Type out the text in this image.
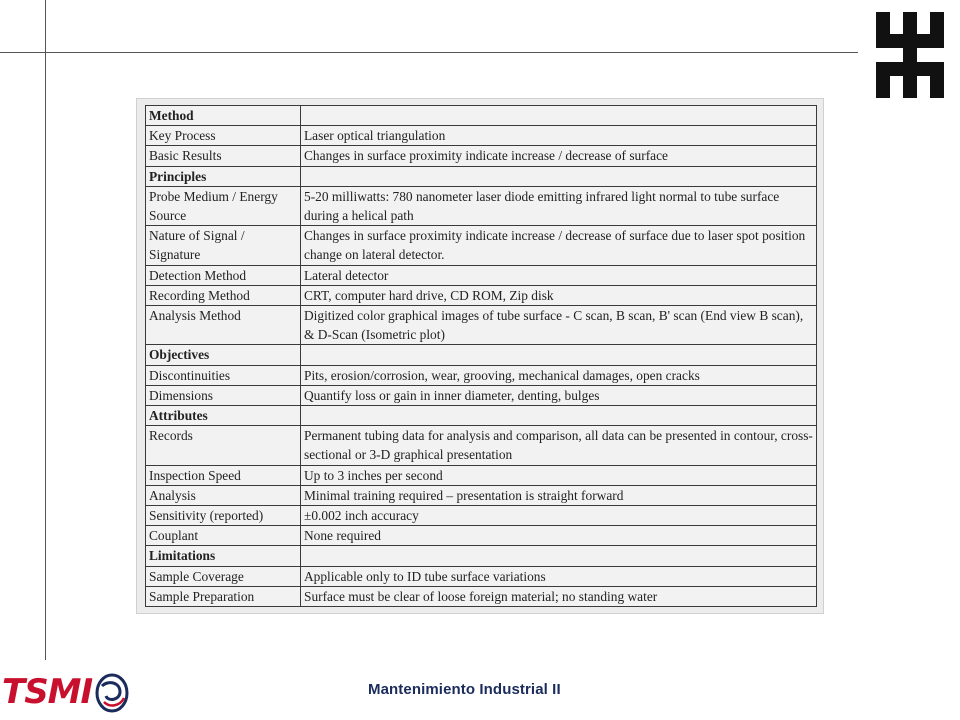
Method	
Key Process	Laser optical triangulation
Basic Results	Changes in surface proximity indicate increase / decrease of surface
Principles	
Probe Medium / Energy Source	5-20 milliwatts: 780 nanometer laser diode emitting infrared light normal to tube surface during a helical path
Nature of Signal / Signature	Changes in surface proximity indicate increase / decrease of surface due to laser spot position change on lateral detector.
Detection Method	Lateral detector
Recording Method	CRT, computer hard drive, CD ROM, Zip disk
Analysis Method	Digitized color graphical images of tube surface - C scan, B scan, B' scan (End view B scan), & D-Scan (Isometric plot)
Objectives	
Discontinuities	Pits, erosion/corrosion, wear, grooving, mechanical damages, open cracks
Dimensions	Quantify loss or gain in inner diameter, denting, bulges
Attributes	
Records	Permanent tubing data for analysis and comparison, all data can be presented in contour, cross-sectional or 3-D graphical presentation
Inspection Speed	Up to 3 inches per second
Analysis	Minimal training required – presentation is straight forward
Sensitivity (reported)	±0.002 inch accuracy
Couplant	None required
Limitations	
Sample Coverage	Applicable only to ID tube surface variations
Sample Preparation	Surface must be clear of loose foreign material; no standing water
TSMI	Mantenimiento Industrial II
